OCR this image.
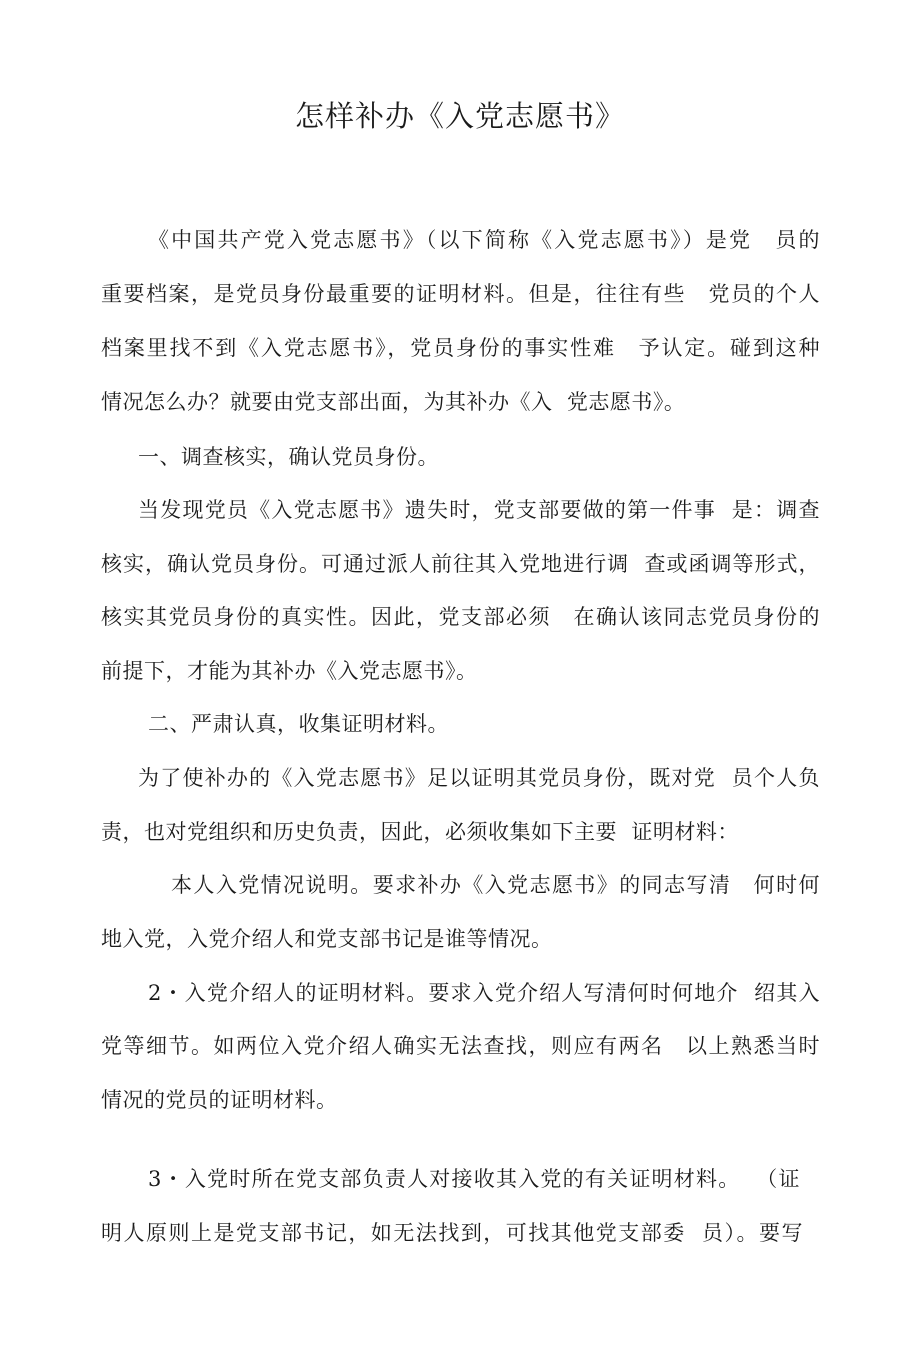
怎样补办《入党志愿书》

《中国共产党入党志愿书》（以下简称《入党志愿书》）是党　员的

重要档案，是党员身份最重要的证明材料。但是，往往有些　党员的个人

档案里找不到《入党志愿书》，党员身份的事实性难　予认定。碰到这种

情况怎么办？就要由党支部出面，为其补办《入  党志愿书》。

一、调查核实，确认党员身份。

当发现党员《入党志愿书》遗失时，党支部要做的第一件事  是：调查

核实，确认党员身份。可通过派人前往其入党地进行调  查或函调等形式，

核实其党员身份的真实性。因此，党支部必须　在确认该同志党员身份的

前提下，才能为其补办《入党志愿书》。

二、严肃认真，收集证明材料。

为了使补办的《入党志愿书》足以证明其党员身份，既对党  员个人负

责，也对党组织和历史负责，因此，必须收集如下主要  证明材料：

本人入党情况说明。要求补办《入党志愿书》的同志写清　何时何

地入党，入党介绍人和党支部书记是谁等情况。

2・入党介绍人的证明材料。要求入党介绍人写清何时何地介  绍其入

党等细节。如两位入党介绍人确实无法查找，则应有两名　以上熟悉当时

情况的党员的证明材料。

3・入党时所在党支部负责人对接收其入党的有关证明材料。  （证

明人原则上是党支部书记，如无法找到，可找其他党支部委  员）。要写
